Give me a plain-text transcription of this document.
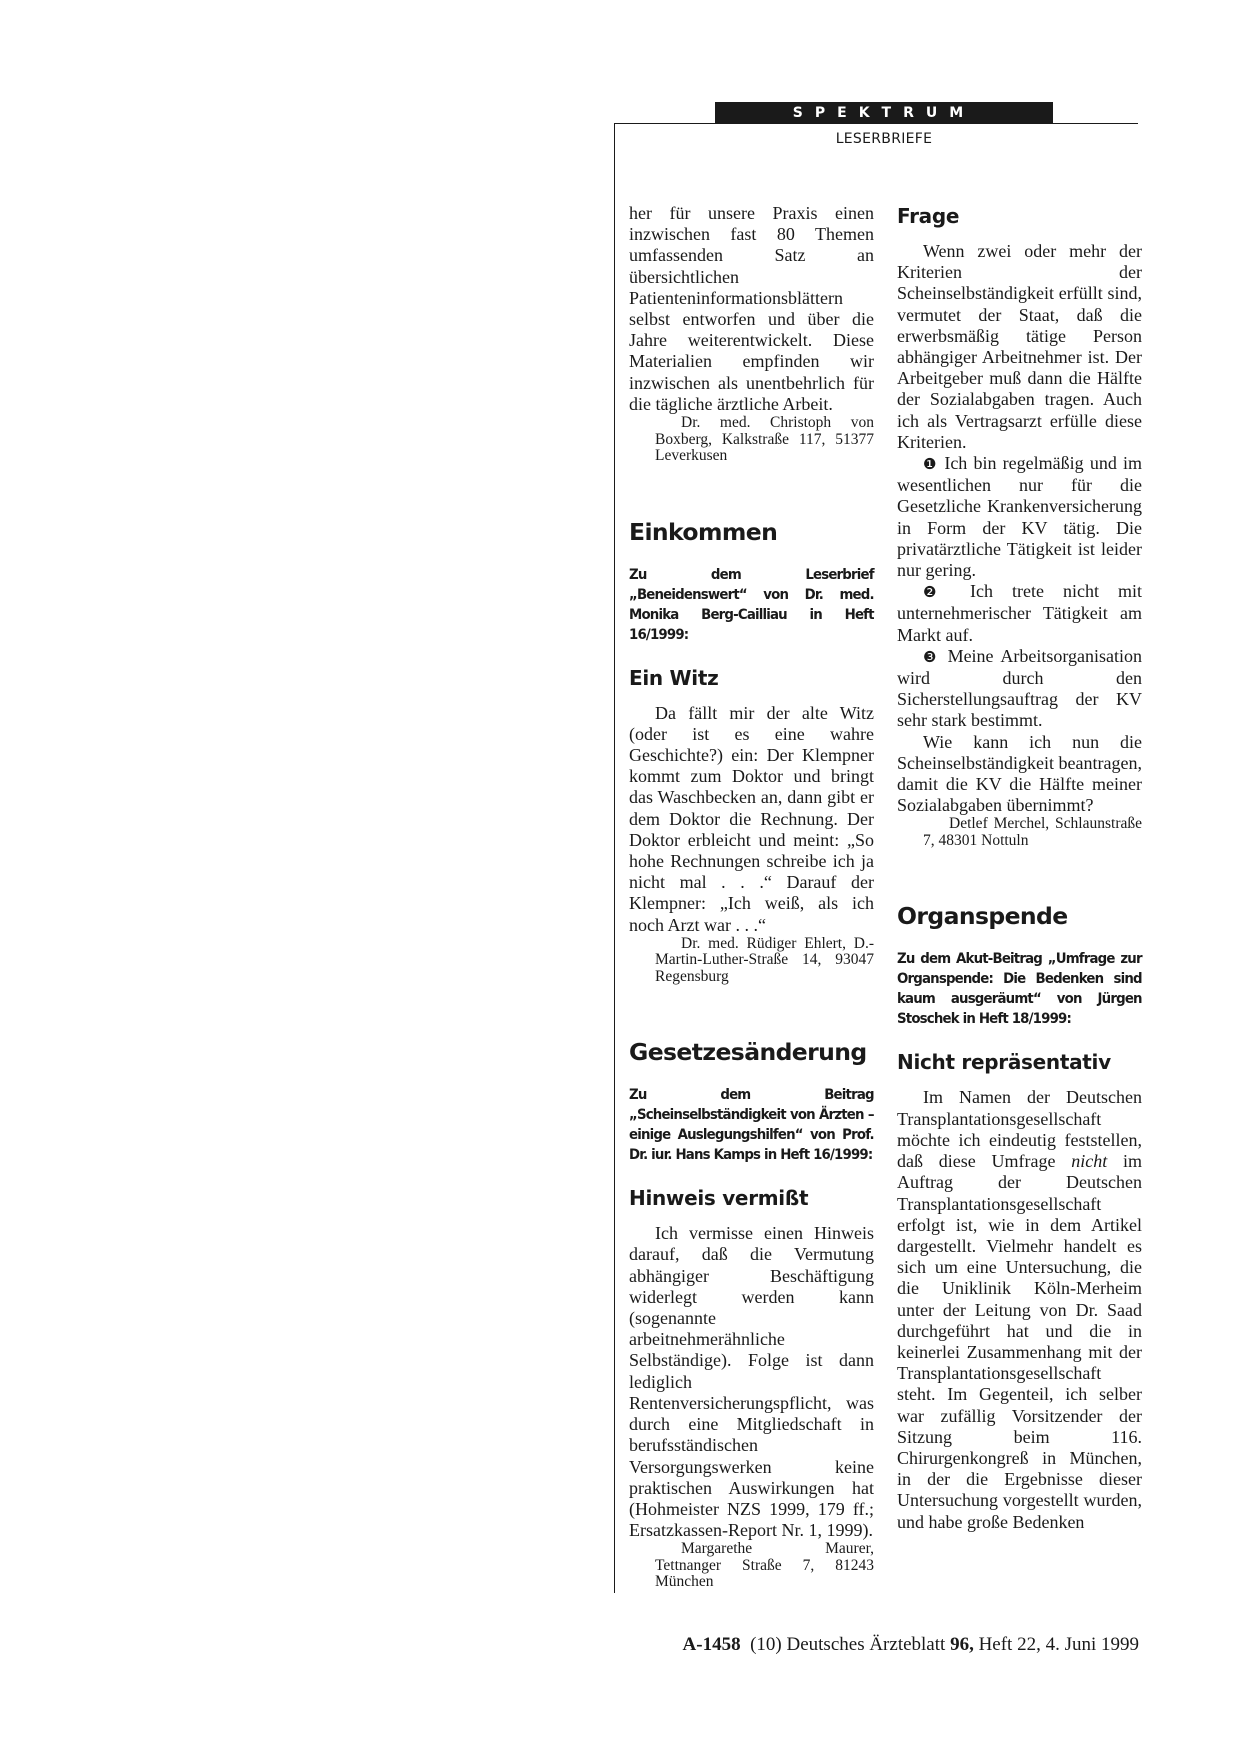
SPEKTRUM
LESERBRIEFE

her für unsere Praxis einen inzwischen fast 80 Themen umfassenden Satz an übersichtlichen Patienteninformationsblättern selbst entworfen und über die Jahre weiterentwickelt. Diese Materialien empfinden wir inzwischen als unentbehrlich für die tägliche ärztliche Arbeit.

Dr. med. Christoph von Boxberg, Kalkstraße 117, 51377 Leverkusen

Einkommen
Zu dem Leserbrief „Beneidenswert“ von Dr. med. Monika Berg-Cailliau in Heft 16/1999:
Ein Witz

Da fällt mir der alte Witz (oder ist es eine wahre Geschichte?) ein: Der Klempner kommt zum Doktor und bringt das Waschbecken an, dann gibt er dem Doktor die Rechnung. Der Doktor erbleicht und meint: „So hohe Rechnungen schreibe ich ja nicht mal . . .“ Darauf der Klempner: „Ich weiß, als ich noch Arzt war . . .“

Dr. med. Rüdiger Ehlert, D.-Martin-Luther-Straße 14, 93047 Regensburg

Gesetzesänderung
Zu dem Beitrag „Scheinselbständigkeit von Ärzten – einige Auslegungshilfen“ von Prof. Dr. iur. Hans Kamps in Heft 16/1999:
Hinweis vermißt

Ich vermisse einen Hinweis darauf, daß die Vermutung abhängiger Beschäftigung widerlegt werden kann (sogenannte arbeitnehmerähnliche Selbständige). Folge ist dann lediglich Rentenversicherungspflicht, was durch eine Mitgliedschaft in berufsständischen Versorgungswerken keine praktischen Auswirkungen hat (Hohmeister NZS 1999, 179 ff.; Ersatzkassen-Report Nr. 1, 1999).

Margarethe Maurer, Tettnanger Straße 7, 81243 München

Frage

Wenn zwei oder mehr der Kriterien der Scheinselbständigkeit erfüllt sind, vermutet der Staat, daß die erwerbsmäßig tätige Person abhängiger Arbeitnehmer ist. Der Arbeitgeber muß dann die Hälfte der Sozialabgaben tragen. Auch ich als Vertragsarzt erfülle diese Kriterien.

❶ Ich bin regelmäßig und im wesentlichen nur für die Gesetzliche Krankenversicherung in Form der KV tätig. Die privatärztliche Tätigkeit ist leider nur gering.

❷ Ich trete nicht mit unternehmerischer Tätigkeit am Markt auf.

❸ Meine Arbeitsorganisation wird durch den Sicherstellungsauftrag der KV sehr stark bestimmt.

Wie kann ich nun die Scheinselbständigkeit beantragen, damit die KV die Hälfte meiner Sozialabgaben übernimmt?

Detlef Merchel, Schlaunstraße 7, 48301 Nottuln

Organspende
Zu dem Akut-Beitrag „Umfrage zur Organspende: Die Bedenken sind kaum ausgeräumt“ von Jürgen Stoschek in Heft 18/1999:
Nicht repräsentativ

Im Namen der Deutschen Transplantationsgesellschaft möchte ich eindeutig feststellen, daß diese Umfrage nicht im Auftrag der Deutschen Transplantationsgesellschaft erfolgt ist, wie in dem Artikel dargestellt. Vielmehr handelt es sich um eine Untersuchung, die die Uniklinik Köln-Merheim unter der Leitung von Dr. Saad durchgeführt hat und die in keinerlei Zusammenhang mit der Transplantationsgesellschaft steht. Im Gegenteil, ich selber war zufällig Vorsitzender der Sitzung beim 116. Chirurgenkongreß in München, in der die Ergebnisse dieser Untersuchung vorgestellt wurden, und habe große Bedenken

A-1458 (10) Deutsches Ärzteblatt 96, Heft 22, 4. Juni 1999
